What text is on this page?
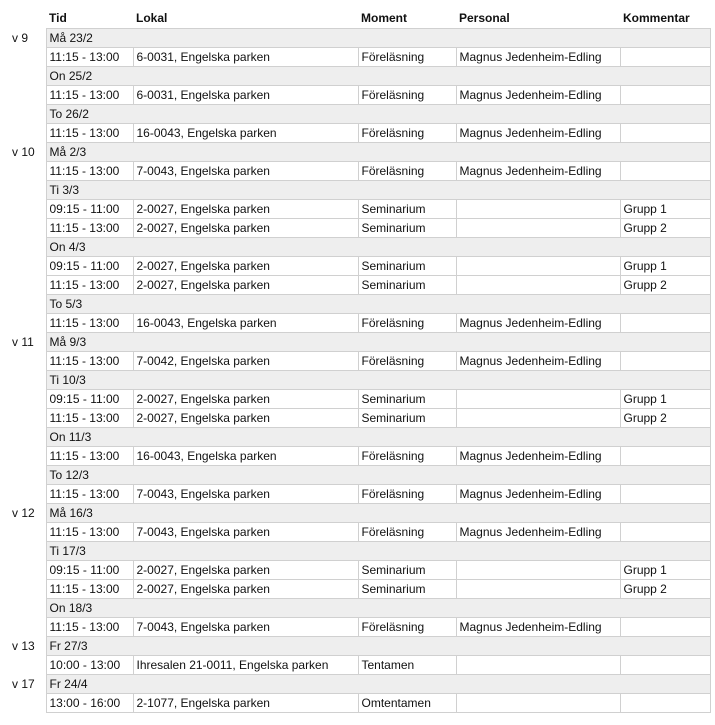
	Tid	Lokal	Moment	Personal	Kommentar
v 9	Må 23/2				
	11:15 - 13:00	6-0031, Engelska parken	Föreläsning	Magnus Jedenheim-Edling	
	On 25/2				
	11:15 - 13:00	6-0031, Engelska parken	Föreläsning	Magnus Jedenheim-Edling	
	To 26/2				
	11:15 - 13:00	16-0043, Engelska parken	Föreläsning	Magnus Jedenheim-Edling	
v 10	Må 2/3				
	11:15 - 13:00	7-0043, Engelska parken	Föreläsning	Magnus Jedenheim-Edling	
	Ti 3/3				
	09:15 - 11:00	2-0027, Engelska parken	Seminarium		Grupp 1
	11:15 - 13:00	2-0027, Engelska parken	Seminarium		Grupp 2
	On 4/3				
	09:15 - 11:00	2-0027, Engelska parken	Seminarium		Grupp 1
	11:15 - 13:00	2-0027, Engelska parken	Seminarium		Grupp 2
	To 5/3				
	11:15 - 13:00	16-0043, Engelska parken	Föreläsning	Magnus Jedenheim-Edling	
v 11	Må 9/3				
	11:15 - 13:00	7-0042, Engelska parken	Föreläsning	Magnus Jedenheim-Edling	
	Ti 10/3				
	09:15 - 11:00	2-0027, Engelska parken	Seminarium		Grupp 1
	11:15 - 13:00	2-0027, Engelska parken	Seminarium		Grupp 2
	On 11/3				
	11:15 - 13:00	16-0043, Engelska parken	Föreläsning	Magnus Jedenheim-Edling	
	To 12/3				
	11:15 - 13:00	7-0043, Engelska parken	Föreläsning	Magnus Jedenheim-Edling	
v 12	Må 16/3				
	11:15 - 13:00	7-0043, Engelska parken	Föreläsning	Magnus Jedenheim-Edling	
	Ti 17/3				
	09:15 - 11:00	2-0027, Engelska parken	Seminarium		Grupp 1
	11:15 - 13:00	2-0027, Engelska parken	Seminarium		Grupp 2
	On 18/3				
	11:15 - 13:00	7-0043, Engelska parken	Föreläsning	Magnus Jedenheim-Edling	
v 13	Fr 27/3				
	10:00 - 13:00	Ihresalen 21-0011, Engelska parken	Tentamen		
v 17	Fr 24/4				
	13:00 - 16:00	2-1077, Engelska parken	Omtentamen		
